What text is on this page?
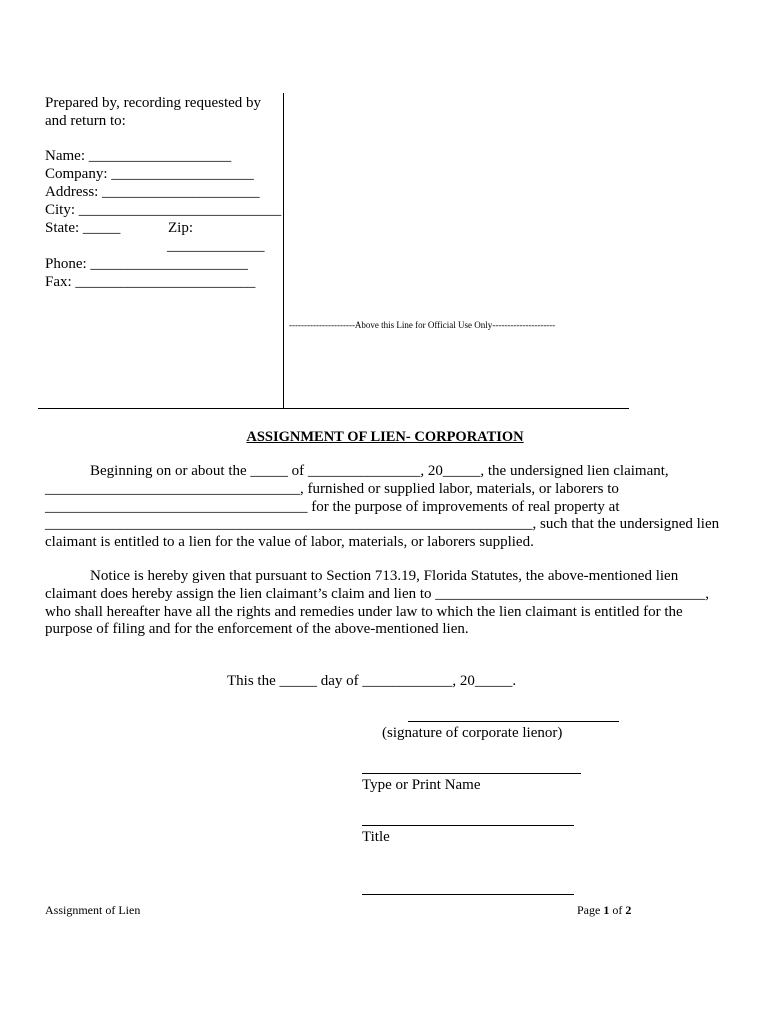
Prepared by, recording requested by
and return to:
Name: ___________________
Company: ___________________
Address: _____________________
City: ___________________________
State: _____	Zip:
_____________
Phone: _____________________
Fax: ________________________
----------------------Above this Line for Official Use Only---------------------
ASSIGNMENT OF LIEN- CORPORATION
Beginning on or about the _____ of _______________, 20_____, the undersigned lien claimant,
__________________________________, furnished or supplied labor, materials, or laborers to
___________________________________ for the purpose of improvements of real property at
_________________________________________________________________, such that the undersigned lien
claimant is entitled to a lien for the value of labor, materials, or laborers supplied.
Notice is hereby given that pursuant to Section 713.19, Florida Statutes, the above-mentioned lien
claimant does hereby assign the lien claimant’s claim and lien to ____________________________________,
who shall hereafter have all the rights and remedies under law to which the lien claimant is entitled for the
purpose of filing and for the enforcement of the above-mentioned lien.
This the _____ day of ____________, 20_____.
(signature of corporate lienor)
Type or Print Name
Title
Assignment of Lien	Page 1 of 2
